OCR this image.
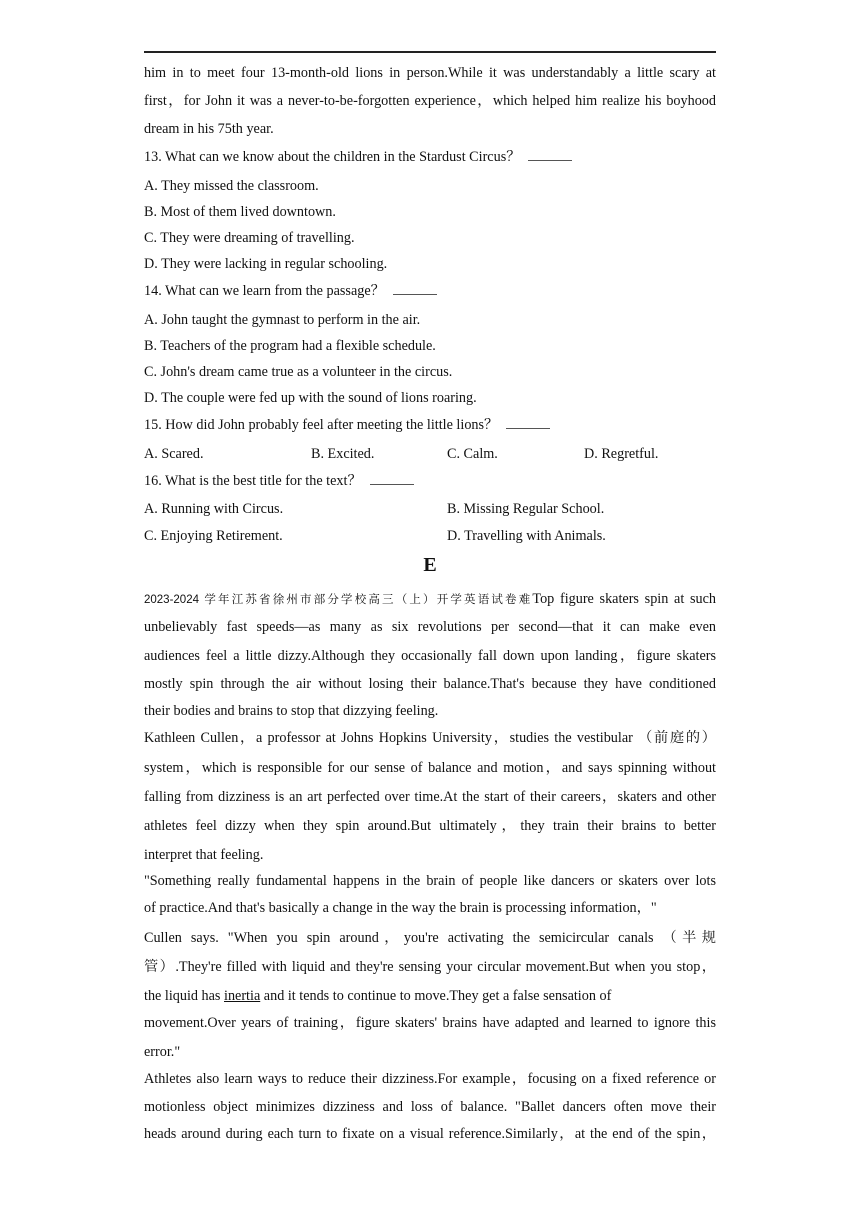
him in to meet four 13-month-old lions in person.While it was understandably a little scary at
first，for John it was a never-to-be-forgotten experience，which helped him realize his boyhood
dream in his 75th year.
13. What can we know about the children in the Stardust Circus？
A. They missed the classroom.
B. Most of them lived downtown.
C. They were dreaming of travelling.
D. They were lacking in regular schooling.
14. What can we learn from the passage？
A. John taught the gymnast to perform in the air.
B. Teachers of the program had a flexible schedule.
C. John's dream came true as a volunteer in the circus.
D. The couple were fed up with the sound of lions roaring.
15. How did John probably feel after meeting the little lions？
A. Scared.	B. Excited.	C. Calm.	D. Regretful.
16. What is the best title for the text？
A. Running with Circus.	B. Missing Regular School.
C. Enjoying Retirement.	D. Travelling with Animals.
E
2023-2024 学年江苏省徐州市部分学校高三（上）开学英语试卷难Top figure skaters spin at such
unbelievably fast speeds—as many as six revolutions per second—that it can make even
audiences feel a little dizzy.Although they occasionally fall down upon landing，figure skaters
mostly spin through the air without losing their balance.That's because they have conditioned
their bodies and brains to stop that dizzying feeling.
Kathleen Cullen，a professor at Johns Hopkins University，studies the vestibular （前庭的）
system，which is responsible for our sense of balance and motion，and says spinning without
falling from dizziness is an art perfected over time.At the start of their careers，skaters and other
athletes feel dizzy when they spin around.But ultimately，they train their brains to better
interpret that feeling.
"Something really fundamental happens in the brain of people like dancers or skaters over lots
of practice.And that's basically a change in the way the brain is processing information，"
Cullen says. "When you spin around，you're activating the semicircular canals （半规
管）.They're filled with liquid and they're sensing your circular movement.But when you stop，
the liquid has inertia and it tends to continue to move.They get a false sensation of
movement.Over years of training，figure skaters' brains have adapted and learned to ignore this
error."
Athletes also learn ways to reduce their dizziness.For example，focusing on a fixed reference or
motionless object minimizes dizziness and loss of balance. "Ballet dancers often move their
heads around during each turn to fixate on a visual reference.Similarly，at the end of the spin，
